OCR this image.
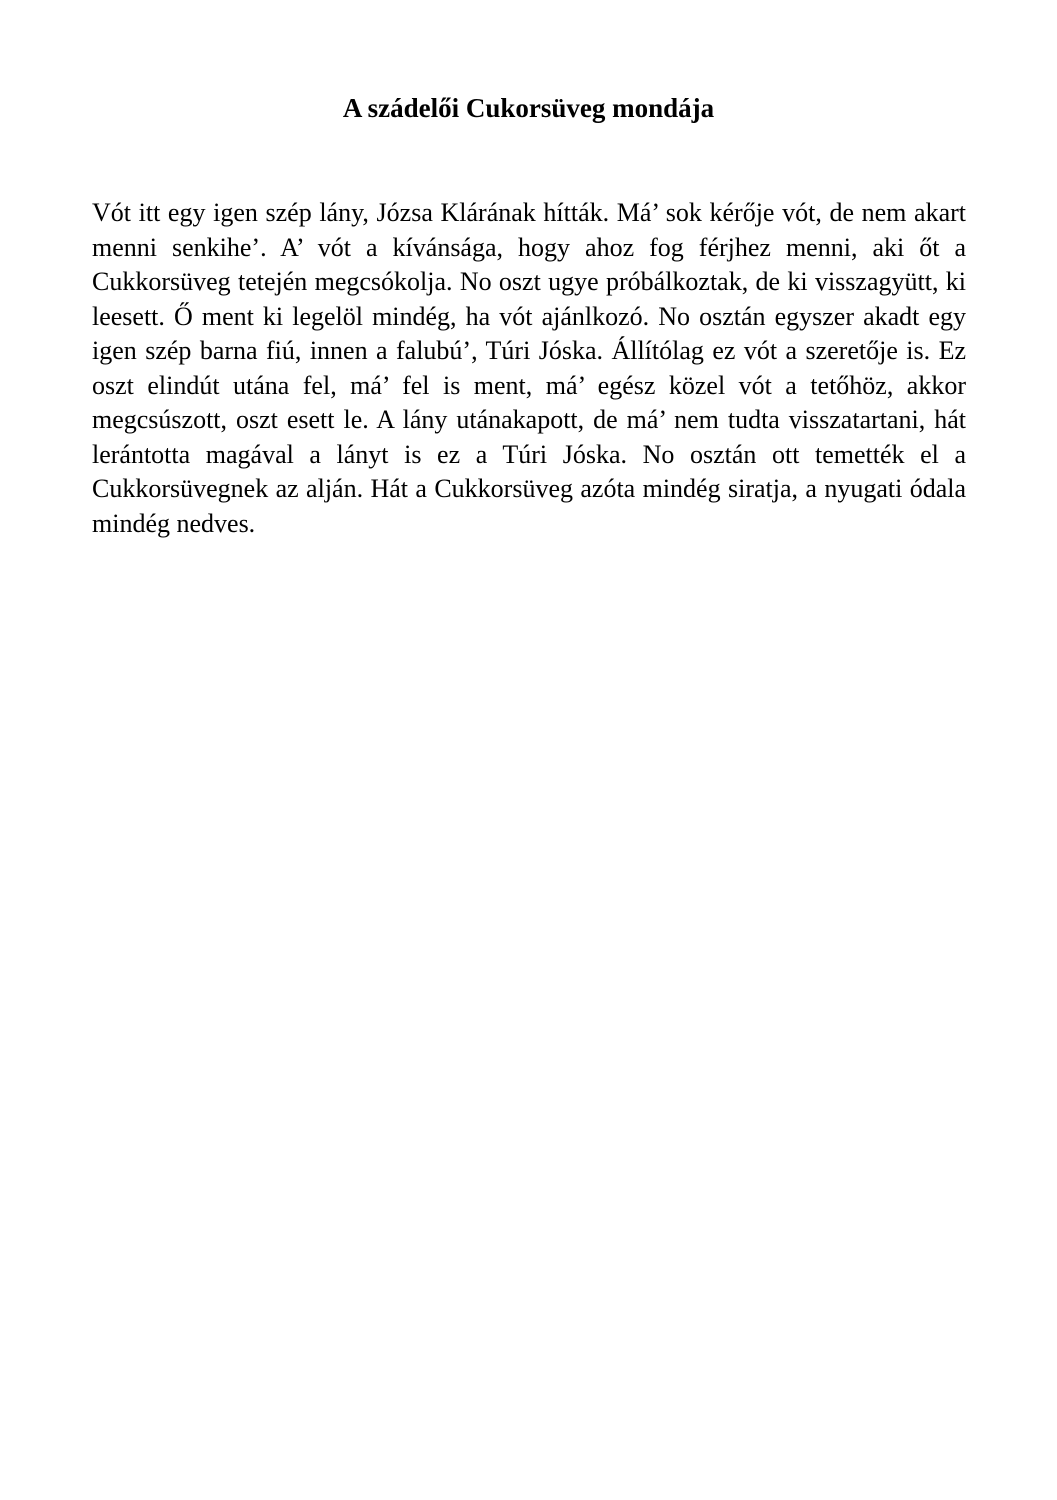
A szádelői Cukorsüveg mondája

Vót itt egy igen szép lány, Józsa Klárának hítták. Má’ sok kérője vót, de nem akart menni senkihe’. A’ vót a kívánsága, hogy ahoz fog férjhez menni, aki őt a Cukkorsüveg tetején megcsókolja. No oszt ugye próbálkoztak, de ki visszagyütt, ki leesett. Ő ment ki legelöl mindég, ha vót ajánlkozó. No osztán egyszer akadt egy igen szép barna fiú, innen a falubú’, Túri Jóska. Állítólag ez vót a szeretője is. Ez oszt elindút utána fel, má’ fel is ment, má’ egész közel vót a tetőhöz, akkor megcsúszott, oszt esett le. A lány utánakapott, de má’ nem tudta visszatartani, hát lerántotta magával a lányt is ez a Túri Jóska. No osztán ott temették el a Cukkorsüvegnek az alján. Hát a Cukkorsüveg azóta mindég siratja, a nyugati ódala mindég nedves.
